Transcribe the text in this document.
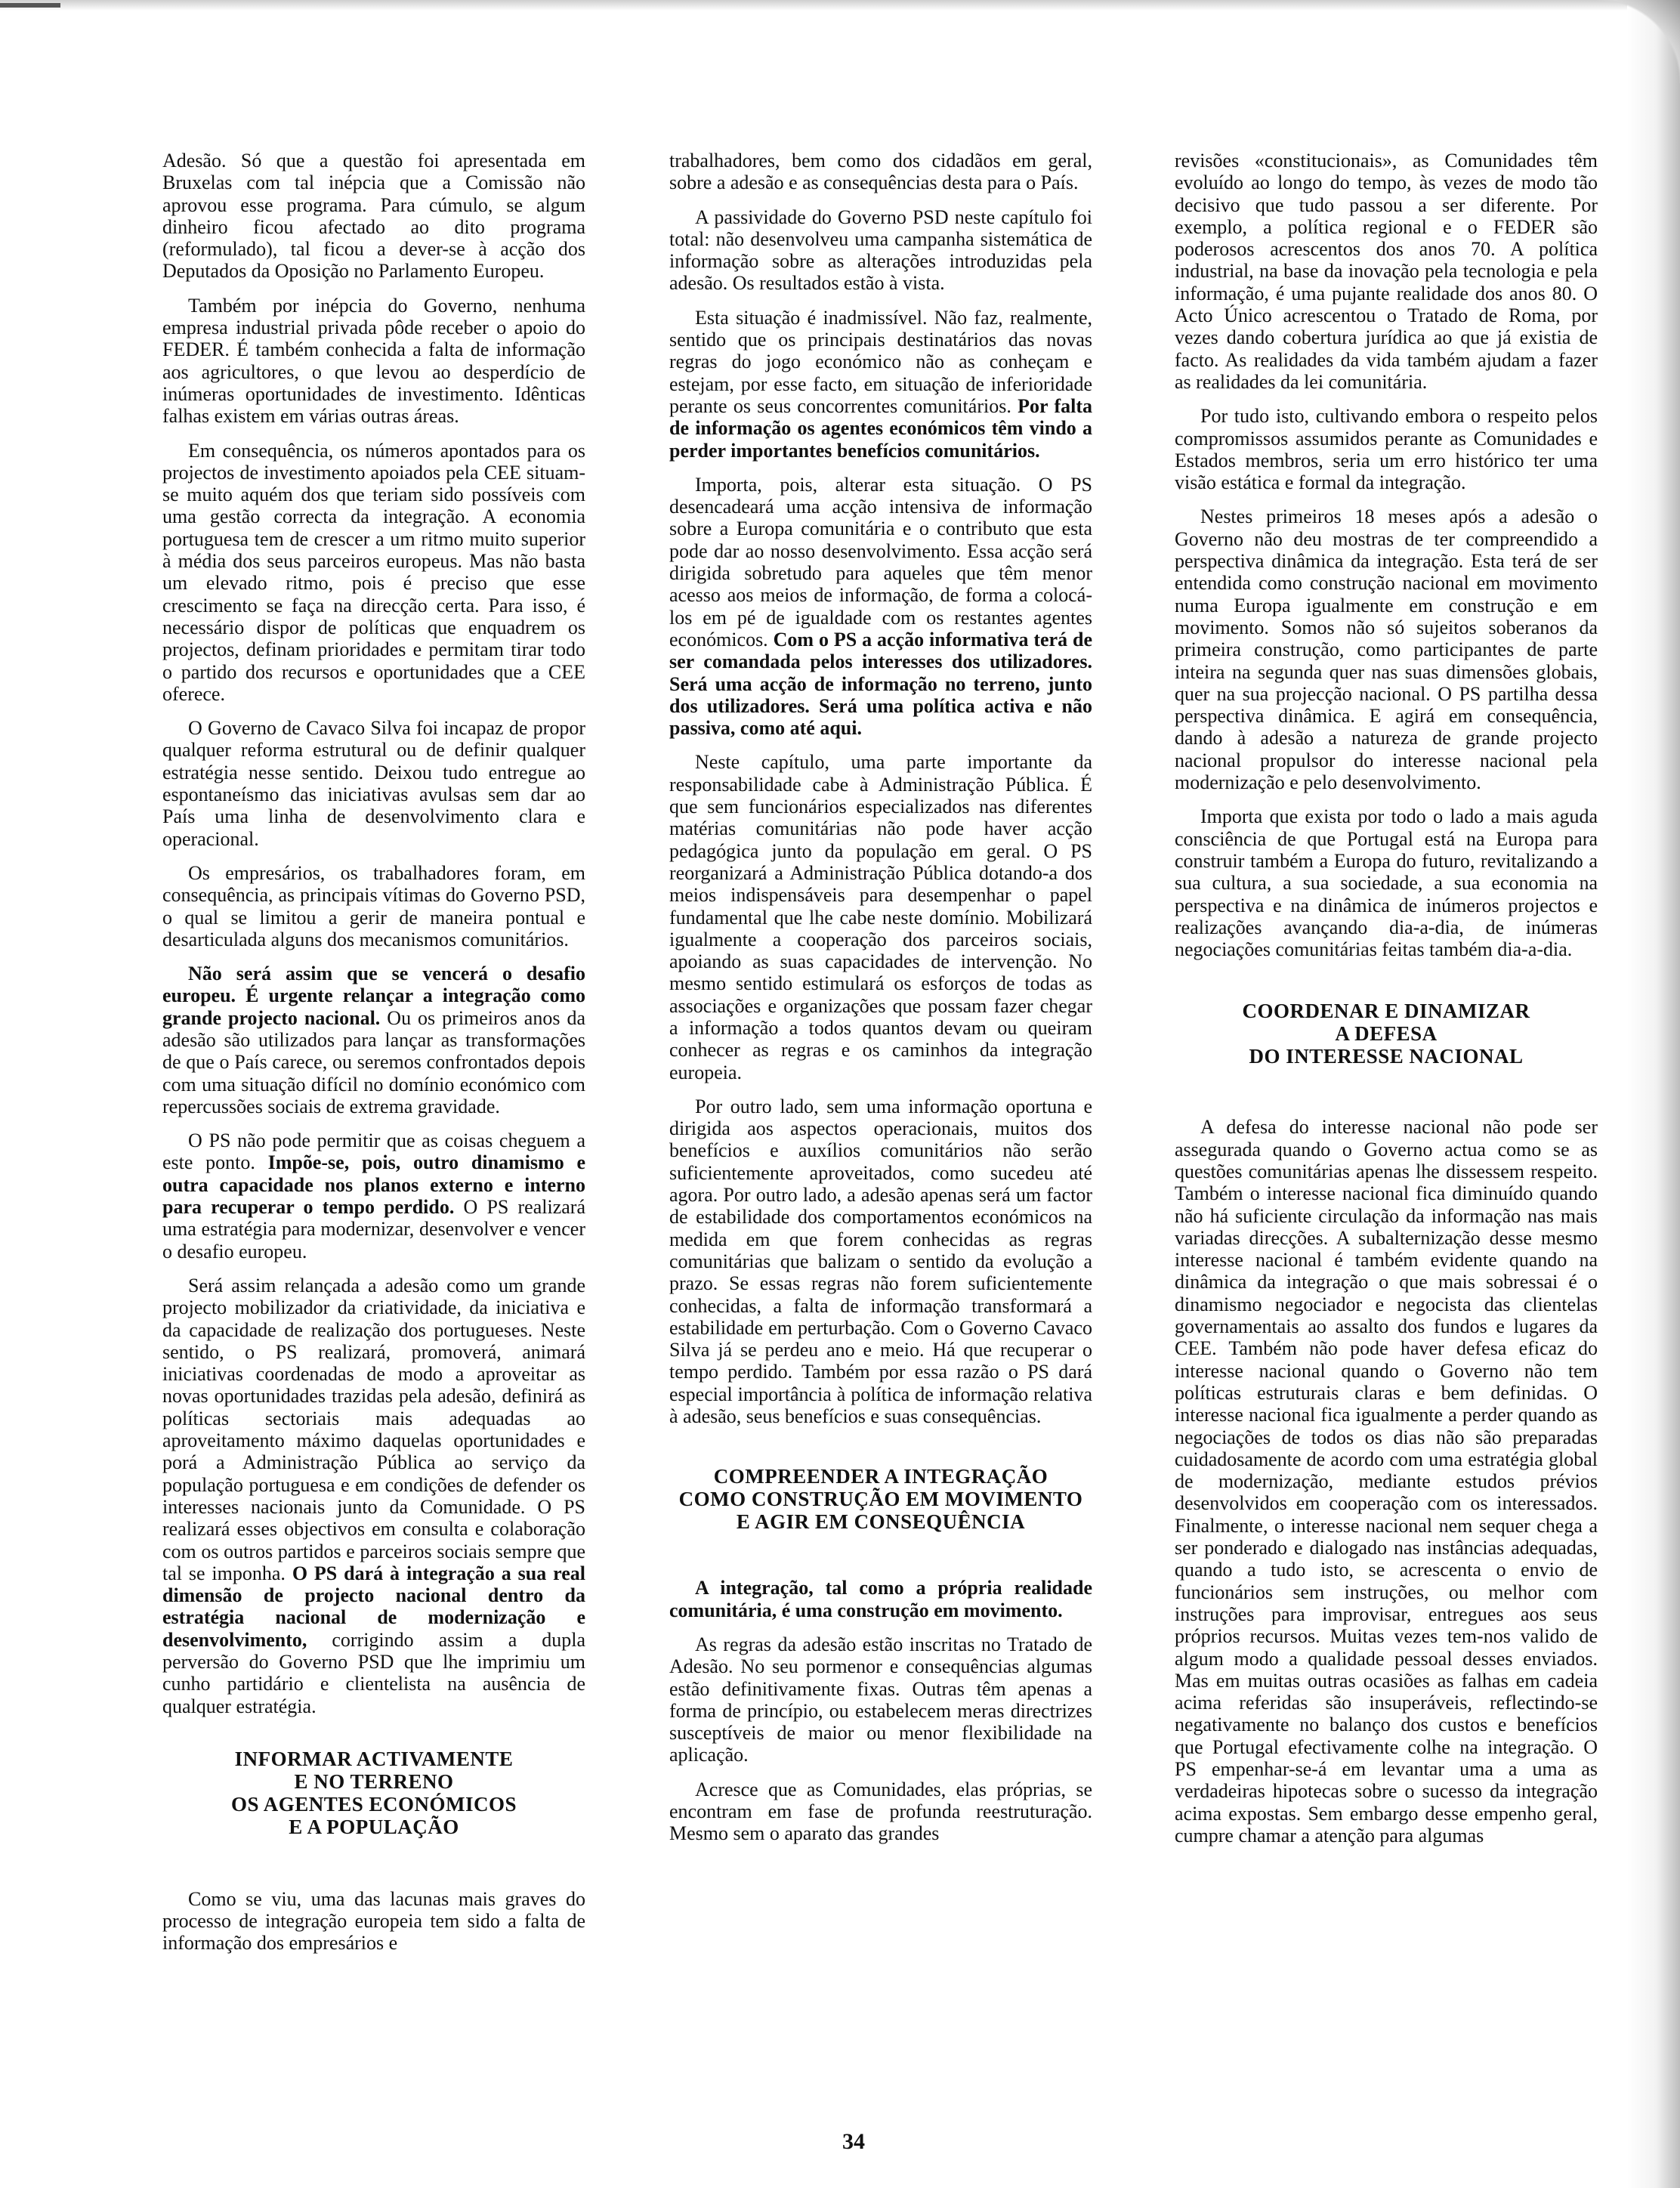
Adesão. Só que a questão foi apresentada em Bruxelas com tal inépcia que a Comissão não aprovou esse programa. Para cúmulo, se algum dinheiro ficou afectado ao dito programa (reformulado), tal ficou a dever-se à acção dos Deputados da Oposição no Parlamento Europeu.

Também por inépcia do Governo, nenhuma empresa industrial privada pôde receber o apoio do FEDER. É também conhecida a falta de informação aos agricultores, o que levou ao desperdício de inúmeras oportunidades de investimento. Idênticas falhas existem em várias outras áreas.

Em consequência, os números apontados para os projectos de investimento apoiados pela CEE situam-se muito aquém dos que teriam sido possíveis com uma gestão correcta da integração. A economia portuguesa tem de crescer a um ritmo muito superior à média dos seus parceiros europeus. Mas não basta um elevado ritmo, pois é preciso que esse crescimento se faça na direcção certa. Para isso, é necessário dispor de políticas que enquadrem os projectos, definam prioridades e permitam tirar todo o partido dos recursos e oportunidades que a CEE oferece.

O Governo de Cavaco Silva foi incapaz de propor qualquer reforma estrutural ou de definir qualquer estratégia nesse sentido. Deixou tudo entregue ao espontaneísmo das iniciativas avulsas sem dar ao País uma linha de desenvolvimento clara e operacional.

Os empresários, os trabalhadores foram, em consequência, as principais vítimas do Governo PSD, o qual se limitou a gerir de maneira pontual e desarticulada alguns dos mecanismos comunitários.

Não será assim que se vencerá o desafio europeu. É urgente relançar a integração como grande projecto nacional. Ou os primeiros anos da adesão são utilizados para lançar as transformações de que o País carece, ou seremos confrontados depois com uma situação difícil no domínio económico com repercussões sociais de extrema gravidade.

O PS não pode permitir que as coisas cheguem a este ponto. Impõe-se, pois, outro dinamismo e outra capacidade nos planos externo e interno para recuperar o tempo perdido. O PS realizará uma estratégia para modernizar, desenvolver e vencer o desafio europeu.

Será assim relançada a adesão como um grande projecto mobilizador da criatividade, da iniciativa e da capacidade de realização dos portugueses. Neste sentido, o PS realizará, promoverá, animará iniciativas coordenadas de modo a aproveitar as novas oportunidades trazidas pela adesão, definirá as políticas sectoriais mais adequadas ao aproveitamento máximo daquelas oportunidades e porá a Administração Pública ao serviço da população portuguesa e em condições de defender os interesses nacionais junto da Comunidade. O PS realizará esses objectivos em consulta e colaboração com os outros partidos e parceiros sociais sempre que tal se imponha. O PS dará à integração a sua real dimensão de projecto nacional dentro da estratégia nacional de modernização e desenvolvimento, corrigindo assim a dupla perversão do Governo PSD que lhe imprimiu um cunho partidário e clientelista na ausência de qualquer estratégia.

INFORMAR ACTIVAMENTE
E NO TERRENO
OS AGENTES ECONÓMICOS
E A POPULAÇÃO

Como se viu, uma das lacunas mais graves do processo de integração europeia tem sido a falta de informação dos empresários e

trabalhadores, bem como dos cidadãos em geral, sobre a adesão e as consequências desta para o País.

A passividade do Governo PSD neste capítulo foi total: não desenvolveu uma campanha sistemática de informação sobre as alterações introduzidas pela adesão. Os resultados estão à vista.

Esta situação é inadmissível. Não faz, realmente, sentido que os principais destinatários das novas regras do jogo económico não as conheçam e estejam, por esse facto, em situação de inferioridade perante os seus concorrentes comunitários. Por falta de informação os agentes económicos têm vindo a perder importantes benefícios comunitários.

Importa, pois, alterar esta situação. O PS desencadeará uma acção intensiva de informação sobre a Europa comunitária e o contributo que esta pode dar ao nosso desenvolvimento. Essa acção será dirigida sobretudo para aqueles que têm menor acesso aos meios de informação, de forma a colocá-los em pé de igualdade com os restantes agentes económicos. Com o PS a acção informativa terá de ser comandada pelos interesses dos utilizadores. Será uma acção de informação no terreno, junto dos utilizadores. Será uma política activa e não passiva, como até aqui.

Neste capítulo, uma parte importante da responsabilidade cabe à Administração Pública. É que sem funcionários especializados nas diferentes matérias comunitárias não pode haver acção pedagógica junto da população em geral. O PS reorganizará a Administração Pública dotando-a dos meios indispensáveis para desempenhar o papel fundamental que lhe cabe neste domínio. Mobilizará igualmente a cooperação dos parceiros sociais, apoiando as suas capacidades de intervenção. No mesmo sentido estimulará os esforços de todas as associações e organizações que possam fazer chegar a informação a todos quantos devam ou queiram conhecer as regras e os caminhos da integração europeia.

Por outro lado, sem uma informação oportuna e dirigida aos aspectos operacionais, muitos dos benefícios e auxílios comunitários não serão suficientemente aproveitados, como sucedeu até agora. Por outro lado, a adesão apenas será um factor de estabilidade dos comportamentos económicos na medida em que forem conhecidas as regras comunitárias que balizam o sentido da evolução a prazo. Se essas regras não forem suficientemente conhecidas, a falta de informação transformará a estabilidade em perturbação. Com o Governo Cavaco Silva já se perdeu ano e meio. Há que recuperar o tempo perdido. Também por essa razão o PS dará especial importância à política de informação relativa à adesão, seus benefícios e suas consequências.

COMPREENDER A INTEGRAÇÃO
COMO CONSTRUÇÃO EM MOVIMENTO
E AGIR EM CONSEQUÊNCIA

A integração, tal como a própria realidade comunitária, é uma construção em movimento.

As regras da adesão estão inscritas no Tratado de Adesão. No seu pormenor e consequências algumas estão definitivamente fixas. Outras têm apenas a forma de princípio, ou estabelecem meras directrizes susceptíveis de maior ou menor flexibilidade na aplicação.

Acresce que as Comunidades, elas próprias, se encontram em fase de profunda reestruturação. Mesmo sem o aparato das grandes

revisões «constitucionais», as Comunidades têm evoluído ao longo do tempo, às vezes de modo tão decisivo que tudo passou a ser diferente. Por exemplo, a política regional e o FEDER são poderosos acrescentos dos anos 70. A política industrial, na base da inovação pela tecnologia e pela informação, é uma pujante realidade dos anos 80. O Acto Único acrescentou o Tratado de Roma, por vezes dando cobertura jurídica ao que já existia de facto. As realidades da vida também ajudam a fazer as realidades da lei comunitária.

Por tudo isto, cultivando embora o respeito pelos compromissos assumidos perante as Comunidades e Estados membros, seria um erro histórico ter uma visão estática e formal da integração.

Nestes primeiros 18 meses após a adesão o Governo não deu mostras de ter compreendido a perspectiva dinâmica da integração. Esta terá de ser entendida como construção nacional em movimento numa Europa igualmente em construção e em movimento. Somos não só sujeitos soberanos da primeira construção, como participantes de parte inteira na segunda quer nas suas dimensões globais, quer na sua projecção nacional. O PS partilha dessa perspectiva dinâmica. E agirá em consequência, dando à adesão a natureza de grande projecto nacional propulsor do interesse nacional pela modernização e pelo desenvolvimento.

Importa que exista por todo o lado a mais aguda consciência de que Portugal está na Europa para construir também a Europa do futuro, revitalizando a sua cultura, a sua sociedade, a sua economia na perspectiva e na dinâmica de inúmeros projectos e realizações avançando dia-a-dia, de inúmeras negociações comunitárias feitas também dia-a-dia.

COORDENAR E DINAMIZAR
A DEFESA
DO INTERESSE NACIONAL

A defesa do interesse nacional não pode ser assegurada quando o Governo actua como se as questões comunitárias apenas lhe dissessem respeito. Também o interesse nacional fica diminuído quando não há suficiente circulação da informação nas mais variadas direcções. A subalternização desse mesmo interesse nacional é também evidente quando na dinâmica da integração o que mais sobressai é o dinamismo negociador e negocista das clientelas governamentais ao assalto dos fundos e lugares da CEE. Também não pode haver defesa eficaz do interesse nacional quando o Governo não tem políticas estruturais claras e bem definidas. O interesse nacional fica igualmente a perder quando as negociações de todos os dias não são preparadas cuidadosamente de acordo com uma estratégia global de modernização, mediante estudos prévios desenvolvidos em cooperação com os interessados. Finalmente, o interesse nacional nem sequer chega a ser ponderado e dialogado nas instâncias adequadas, quando a tudo isto, se acrescenta o envio de funcionários sem instruções, ou melhor com instruções para improvisar, entregues aos seus próprios recursos. Muitas vezes tem-nos valido de algum modo a qualidade pessoal desses enviados. Mas em muitas outras ocasiões as falhas em cadeia acima referidas são insuperáveis, reflectindo-se negativamente no balanço dos custos e benefícios que Portugal efectivamente colhe na integração. O PS empenhar-se-á em levantar uma a uma as verdadeiras hipotecas sobre o sucesso da integração acima expostas. Sem embargo desse empenho geral, cumpre chamar a atenção para algumas

34
